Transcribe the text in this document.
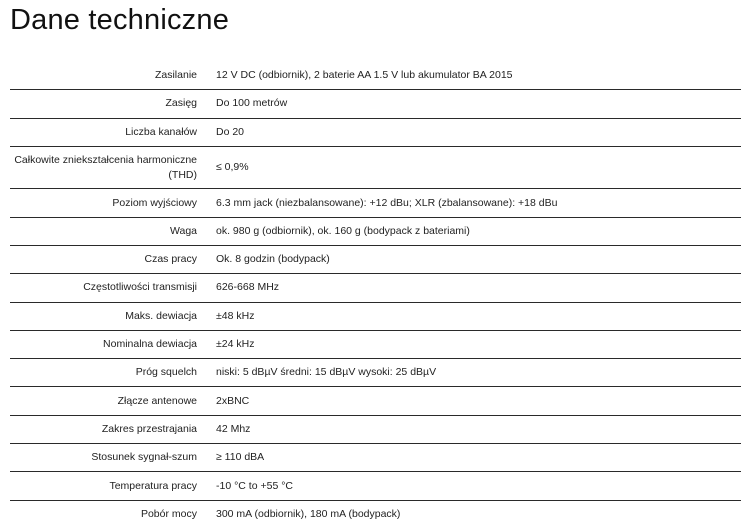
Dane techniczne
Zasilanie 12 V DC (odbiornik), 2 baterie AA 1.5 V lub akumulator BA 2015
Zasięg Do 100 metrów
Liczba kanałów Do 20
Całkowite zniekształcenia harmoniczne (THD)
≤ 0,9%
Poziom wyjściowy 6.3 mm jack (niezbalansowane): +12 dBu; XLR (zbalansowane): +18 dBu
Waga ok. 980 g (odbiornik), ok. 160 g (bodypack z bateriami)
Czas pracy Ok. 8 godzin (bodypack)
Częstotliwości transmisji 626-668 MHz
Maks. dewiacja ±48 kHz
Nominalna dewiacja ±24 kHz
Próg squelch niski: 5 dBµV średni: 15 dBµV wysoki: 25 dBµV
Złącze antenowe 2xBNC
Zakres przestrajania 42 Mhz
Stosunek sygnał-szum ≥ 110 dBA
Temperatura pracy -10 °C to +55 °C
Pobór mocy 300 mA (odbiornik), 180 mA (bodypack)
